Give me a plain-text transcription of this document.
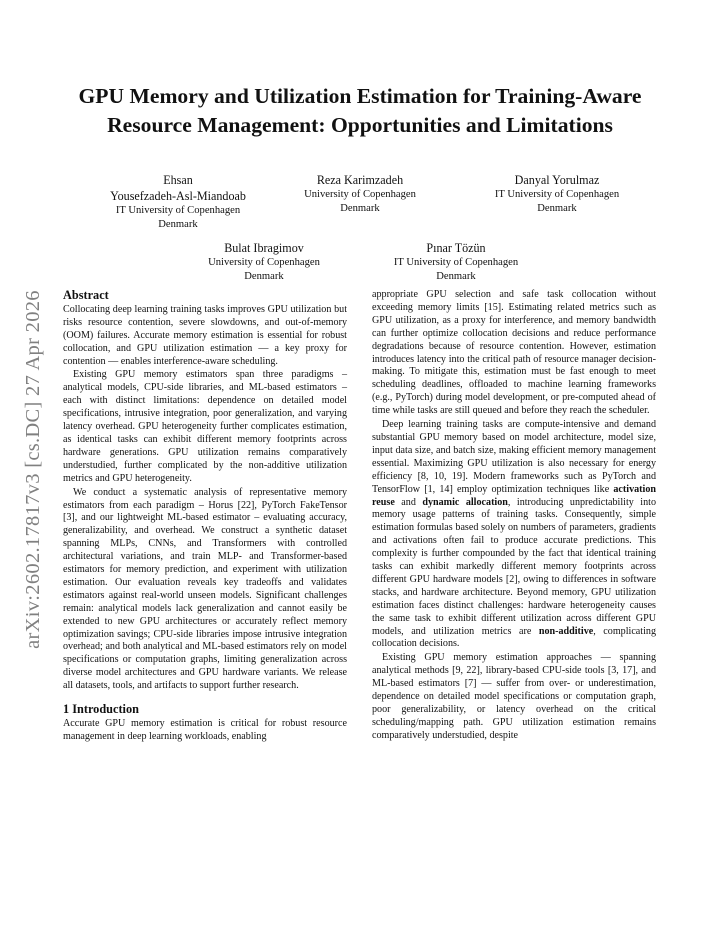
arXiv:2602.17817v3 [cs.DC] 27 Apr 2026
GPU Memory and Utilization Estimation for Training-Aware Resource Management: Opportunities and Limitations
Ehsan
Yousefzadeh-Asl-Miandoab
IT University of Copenhagen
Denmark
Reza Karimzadeh
University of Copenhagen
Denmark
Danyal Yorulmaz
IT University of Copenhagen
Denmark
Bulat Ibragimov
University of Copenhagen
Denmark
Pınar Tözün
IT University of Copenhagen
Denmark
Abstract

Collocating deep learning training tasks improves GPU utilization but risks resource contention, severe slowdowns, and out-of-memory (OOM) failures. Accurate memory estimation is essential for robust collocation, and GPU utilization estimation — a key proxy for contention — enables interference-aware scheduling.

Existing GPU memory estimators span three paradigms – analytical models, CPU-side libraries, and ML-based estimators – each with distinct limitations: dependence on detailed model specifications, intrusive integration, poor generalization, and varying latency overhead. GPU heterogeneity further complicates estimation, as identical tasks can exhibit different memory footprints across hardware generations. GPU utilization remains comparatively understudied, further complicated by the non-additive utilization metrics and GPU heterogeneity.

We conduct a systematic analysis of representative memory estimators from each paradigm – Horus [22], PyTorch FakeTensor [3], and our lightweight ML-based estimator – evaluating accuracy, generalizability, and overhead. We construct a synthetic dataset spanning MLPs, CNNs, and Transformers with controlled architectural variations, and train MLP- and Transformer-based estimators for memory prediction, and experiment with utilization estimation. Our evaluation reveals key tradeoffs and validates estimators against real-world unseen models. Significant challenges remain: analytical models lack generalization and cannot easily be extended to new GPU architectures or accurately reflect memory optimization savings; CPU-side libraries impose intrusive integration overhead; and both analytical and ML-based estimators rely on model specifications or computation graphs, limiting generalization across diverse model architectures and GPU hardware variants. We release all datasets, tools, and artifacts to support further research.

1 Introduction

Accurate GPU memory estimation is critical for robust resource management in deep learning workloads, enabling

appropriate GPU selection and safe task collocation without exceeding memory limits [15]. Estimating related metrics such as GPU utilization, as a proxy for interference, and memory bandwidth can further optimize collocation decisions and reduce performance degradations because of resource contention. However, estimation introduces latency into the critical path of resource manager decision-making. To mitigate this, estimation must be fast enough to meet scheduling deadlines, offloaded to machine learning frameworks (e.g., PyTorch) during model development, or pre-computed ahead of time while tasks are still queued and before they reach the scheduler.

Deep learning training tasks are compute-intensive and demand substantial GPU memory based on model architecture, model size, input data size, and batch size, making efficient memory management essential. Maximizing GPU utilization is also necessary for energy efficiency [8, 10, 19]. Modern frameworks such as PyTorch and TensorFlow [1, 14] employ optimization techniques like activation reuse and dynamic allocation, introducing unpredictability into memory usage patterns of training tasks. Consequently, simple estimation formulas based solely on numbers of parameters, gradients and activations often fail to produce accurate predictions. This complexity is further compounded by the fact that identical training tasks can exhibit markedly different memory footprints across different GPU hardware models [2], owing to differences in software stacks, and hardware architecture. Beyond memory, GPU utilization estimation faces distinct challenges: hardware heterogeneity causes the same task to exhibit different utilization across different GPU models, and utilization metrics are non-additive, complicating collocation decisions.

Existing GPU memory estimation approaches — spanning analytical methods [9, 22], library-based CPU-side tools [3, 17], and ML-based estimators [7] — suffer from over- or underestimation, dependence on detailed model specifications or computation graph, poor generalizability, or latency overhead on the critical scheduling/mapping path. GPU utilization estimation remains comparatively understudied, despite
